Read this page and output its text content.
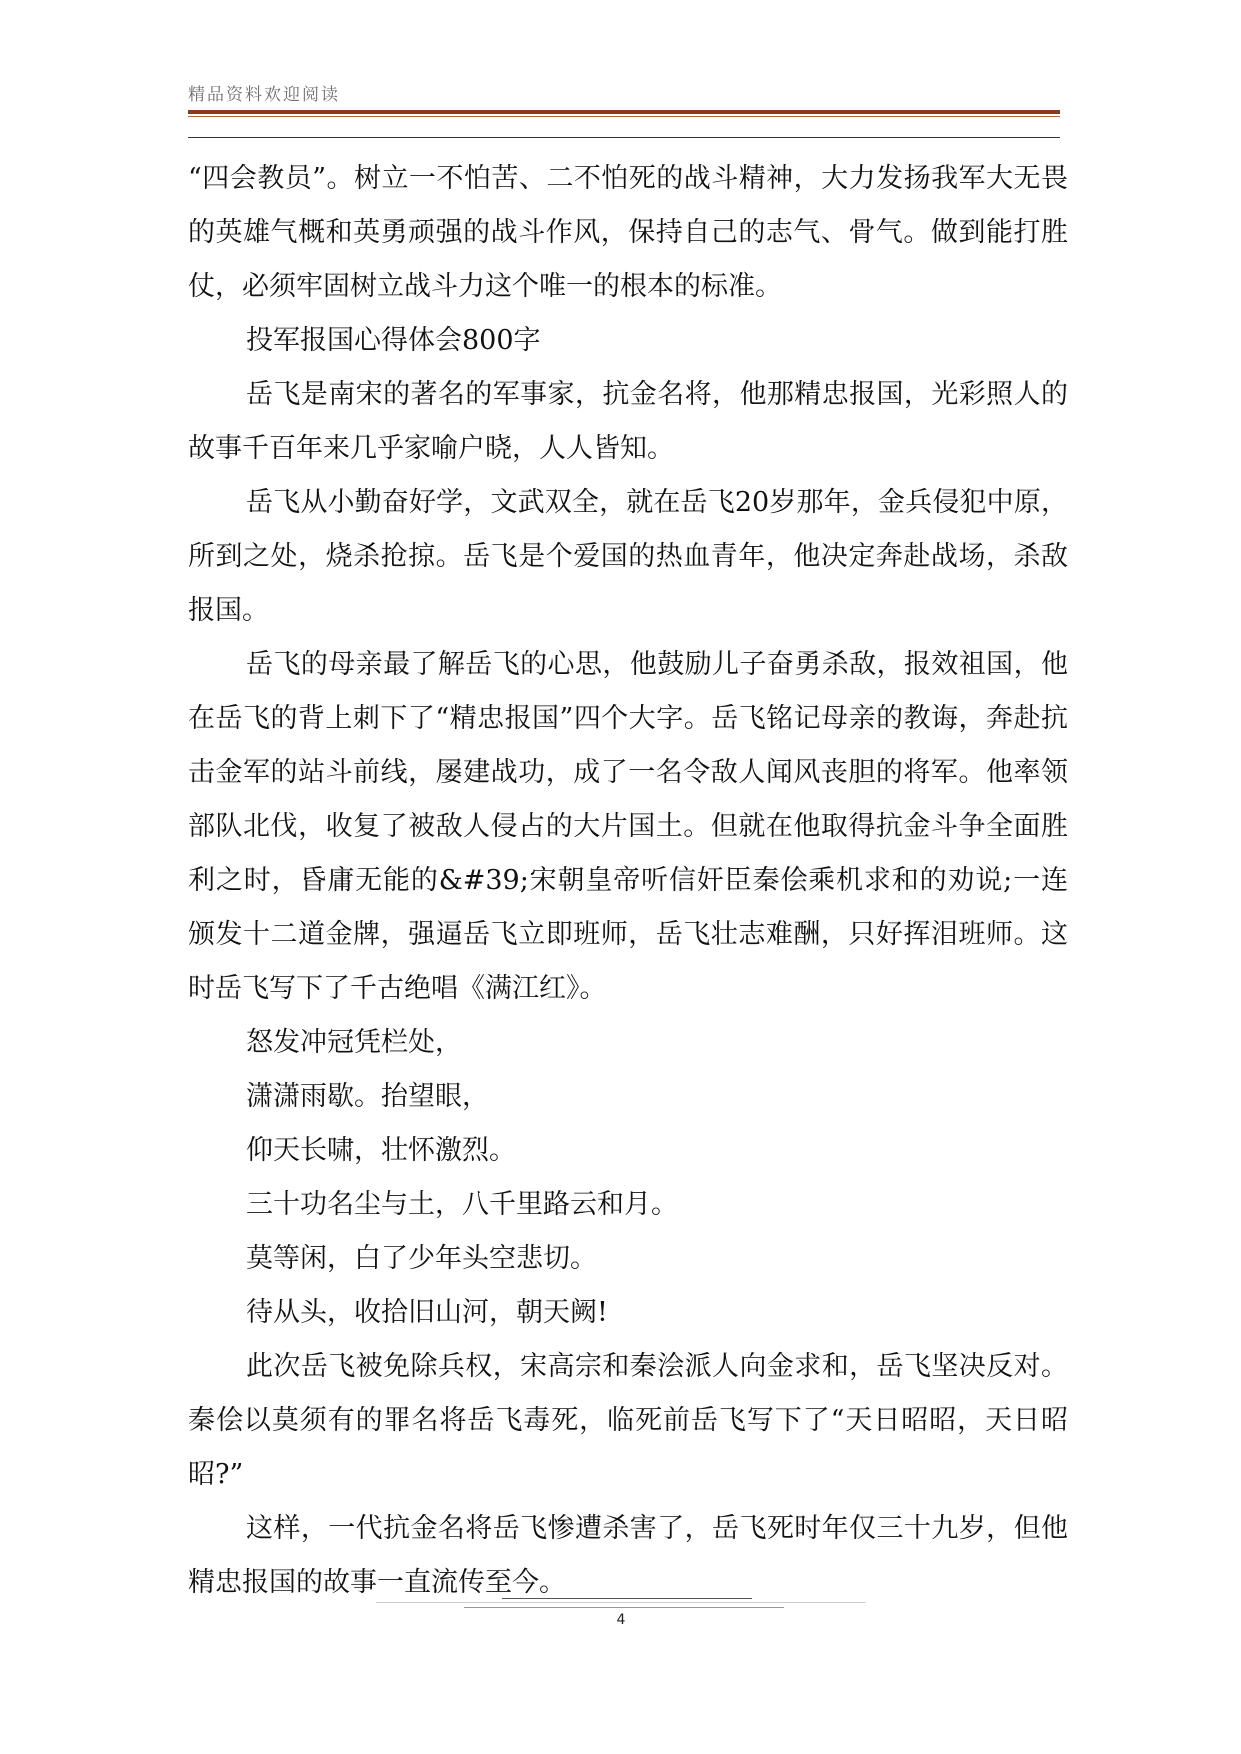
精品资料欢迎阅读

“四会教员”。树立一不怕苦、二不怕死的战斗精神，大力发扬我军大无畏的英雄气概和英勇顽强的战斗作风，保持自己的志气、骨气。做到能打胜仗，必须牢固树立战斗力这个唯一的根本的标准。

投军报国心得体会800字

岳飞是南宋的著名的军事家，抗金名将，他那精忠报国，光彩照人的故事千百年来几乎家喻户晓，人人皆知。

岳飞从小勤奋好学，文武双全，就在岳飞20岁那年，金兵侵犯中原，所到之处，烧杀抢掠。岳飞是个爱国的热血青年，他决定奔赴战场，杀敌报国。

岳飞的母亲最了解岳飞的心思，他鼓励儿子奋勇杀敌，报效祖国，他在岳飞的背上刺下了“精忠报国”四个大字。岳飞铭记母亲的教诲，奔赴抗击金军的站斗前线，屡建战功，成了一名令敌人闻风丧胆的将军。他率领部队北伐，收复了被敌人侵占的大片国土。但就在他取得抗金斗争全面胜利之时，昏庸无能的&#39;宋朝皇帝听信奸臣秦侩乘机求和的劝说;一连颁发十二道金牌，强逼岳飞立即班师，岳飞壮志难酬，只好挥泪班师。这时岳飞写下了千古绝唱《满江红》。

怒发冲冠凭栏处，

潇潇雨歇。抬望眼，

仰天长啸，壮怀激烈。

三十功名尘与土，八千里路云和月。

莫等闲，白了少年头空悲切。

待从头，收拾旧山河，朝天阙!

此次岳飞被免除兵权，宋高宗和秦浍派人向金求和，岳飞坚决反对。秦侩以莫须有的罪名将岳飞毒死，临死前岳飞写下了“天日昭昭，天日昭昭?”

这样，一代抗金名将岳飞惨遭杀害了，岳飞死时年仅三十九岁，但他精忠报国的故事一直流传至今。

4
